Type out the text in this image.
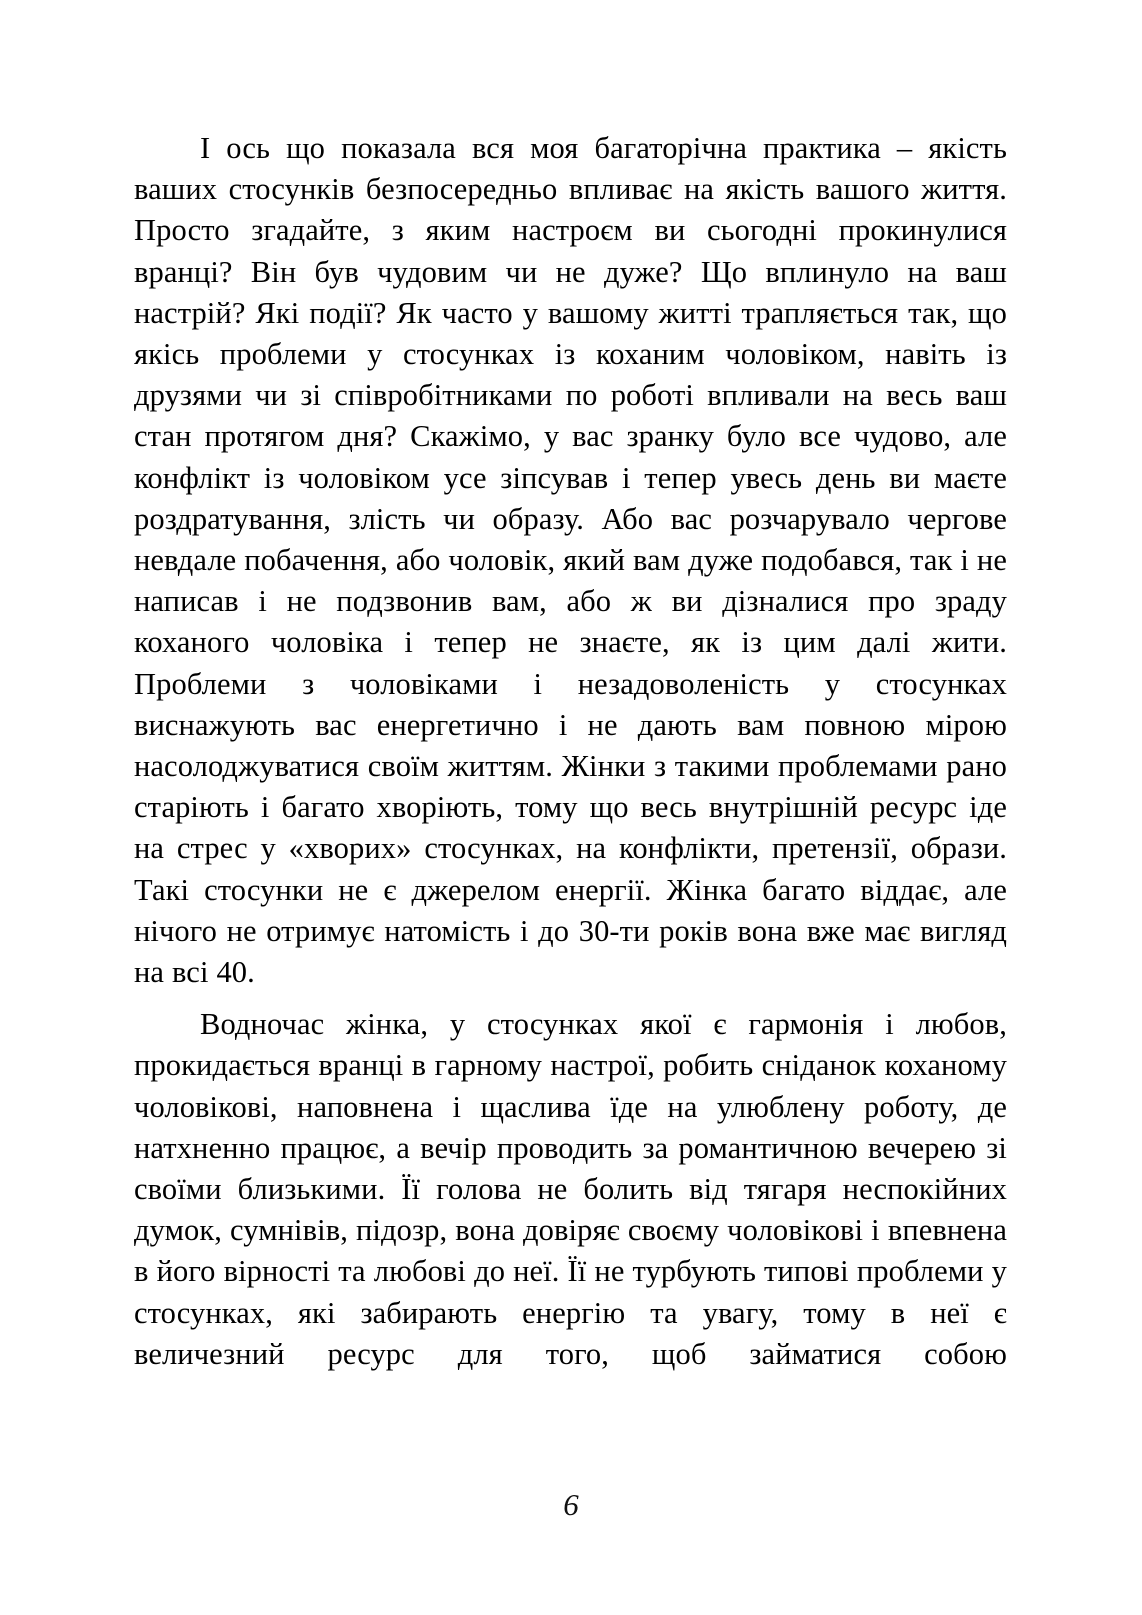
І ось що показала вся моя багаторічна практика – якість ваших стосунків безпосередньо впливає на якість вашого життя. Просто згадайте, з яким настроєм ви сьогодні прокинулися вранці? Він був чудовим чи не дуже? Що вплинуло на ваш настрій? Які події? Як часто у вашому житті трапляється так, що якісь проблеми у стосунках із коханим чоловіком, навіть із друзями чи зі співробітниками по роботі впливали на весь ваш стан протягом дня? Скажімо, у вас зранку було все чудово, але конфлікт із чоловіком усе зіпсував і тепер увесь день ви маєте роздратування, злість чи образу. Або вас розчарувало чергове невдале побачення, або чоловік, який вам дуже подобався, так і не написав і не подзвонив вам, або ж ви дізналися про зраду коханого чоловіка і тепер не знаєте, як із цим далі жити. Проблеми з чоловіками і незадоволеність у стосунках виснажують вас енергетично і не дають вам повною мірою насолоджуватися своїм життям. Жінки з такими проблемами рано старіють і багато хворіють, тому що весь внутрішній ресурс іде на стрес у «хворих» стосунках, на конфлікти, претензії, образи. Такі стосунки не є джерелом енергії. Жінка багато віддає, але нічого не отримує натомість і до 30-ти років вона вже має вигляд на всі 40.

Водночас жінка, у стосунках якої є гармонія і любов, прокидається вранці в гарному настрої, робить сніданок коханому чоловікові, наповнена і щаслива їде на улюблену роботу, де натхненно працює, а вечір проводить за романтичною вечерею зі своїми близькими. Її голова не болить від тягаря неспокійних думок, сумнівів, підозр, вона довіряє своєму чоловікові і впевнена в його вірності та любові до неї. Її не турбують типові проблеми у стосунках, які забирають енергію та увагу, тому в неї є величезний ресурс для того, щоб займатися собою

6
